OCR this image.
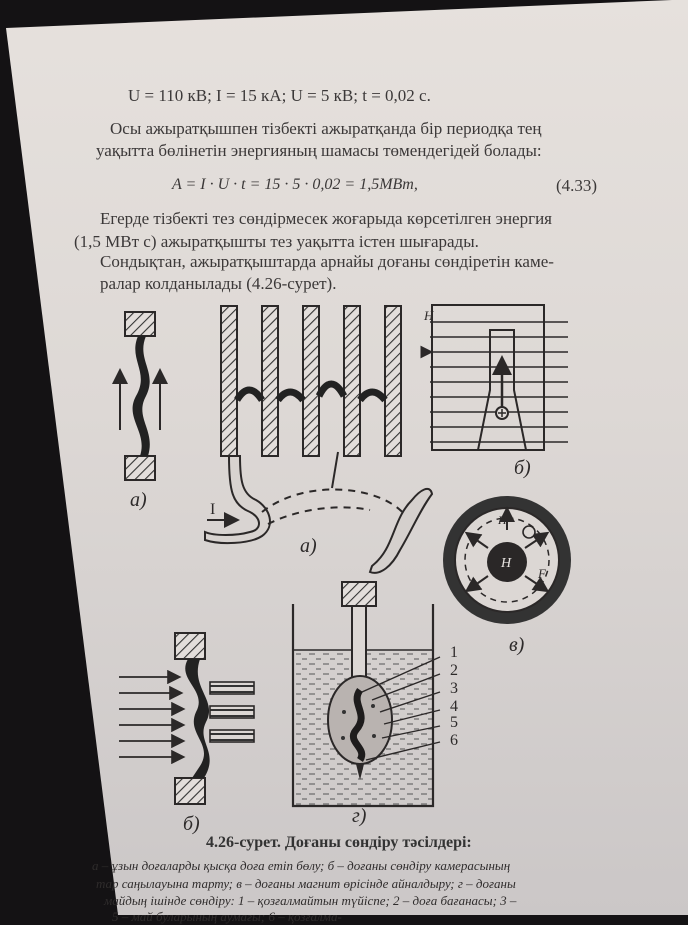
U = 110 кВ; I = 15 кА; U = 5 кВ; t = 0,02 с.
Осы ажыратқышпен тізбекті ажыратқанда бір периодқа тең
уақытта бөлінетін энергияның шамасы төмендегідей болады:
A = I · U · t = 15 · 5 · 0,02 = 1,5MBm,	(4.33)
Егерде тізбекті тез сөндірмесек жоғарыда көрсетілген энергия
(1,5 МВт с) ажыратқышты тез уақытта істен шығарады.
Сондықтан, ажыратқыштарда арнайы доғаны сөндіретін каме-
ралар колданылады (4.26-сурет).
а)
а)
б)
в)
б)	г)
I
H
H
H
F
1
2
3
4
5
6
4.26-сурет. Доғаны сөндіру тәсілдері:
а – ұзын доғаларды қысқа доға етіп бөлу; б – доғаны сөндіру камерасының
тар саңылауына тарту; в – доғаны магнит өрісінде айналдыру; г – доғаны
майдың ішінде сөндіру: 1 – қозғалмайтын түйіспе; 2 – доға бағанасы; 3 –
5 – май буларының аумағы; 6 – қозғалма-
